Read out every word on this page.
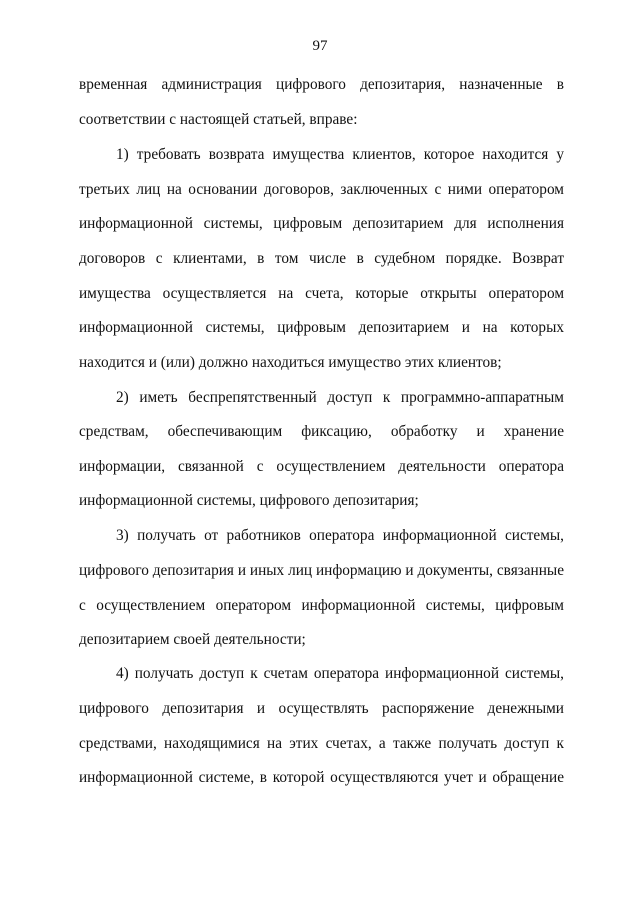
97
временная администрация цифрового депозитария, назначенные в
соответствии с настоящей статьей, вправе:
1) требовать возврата имущества клиентов, которое находится у
третьих лиц на основании договоров, заключенных с ними оператором
информационной системы, цифровым депозитарием для исполнения
договоров с клиентами, в том числе в судебном порядке. Возврат
имущества осуществляется на счета, которые открыты оператором
информационной системы, цифровым депозитарием и на которых
находится и (или) должно находиться имущество этих клиентов;
2) иметь беспрепятственный доступ к программно-аппаратным
средствам, обеспечивающим фиксацию, обработку и хранение
информации, связанной с осуществлением деятельности оператора
информационной системы, цифрового депозитария;
3) получать от работников оператора информационной системы,
цифрового депозитария и иных лиц информацию и документы, связанные
с осуществлением оператором информационной системы, цифровым
депозитарием своей деятельности;
4) получать доступ к счетам оператора информационной системы,
цифрового депозитария и осуществлять распоряжение денежными
средствами, находящимися на этих счетах, а также получать доступ к
информационной системе, в которой осуществляются учет и обращение
